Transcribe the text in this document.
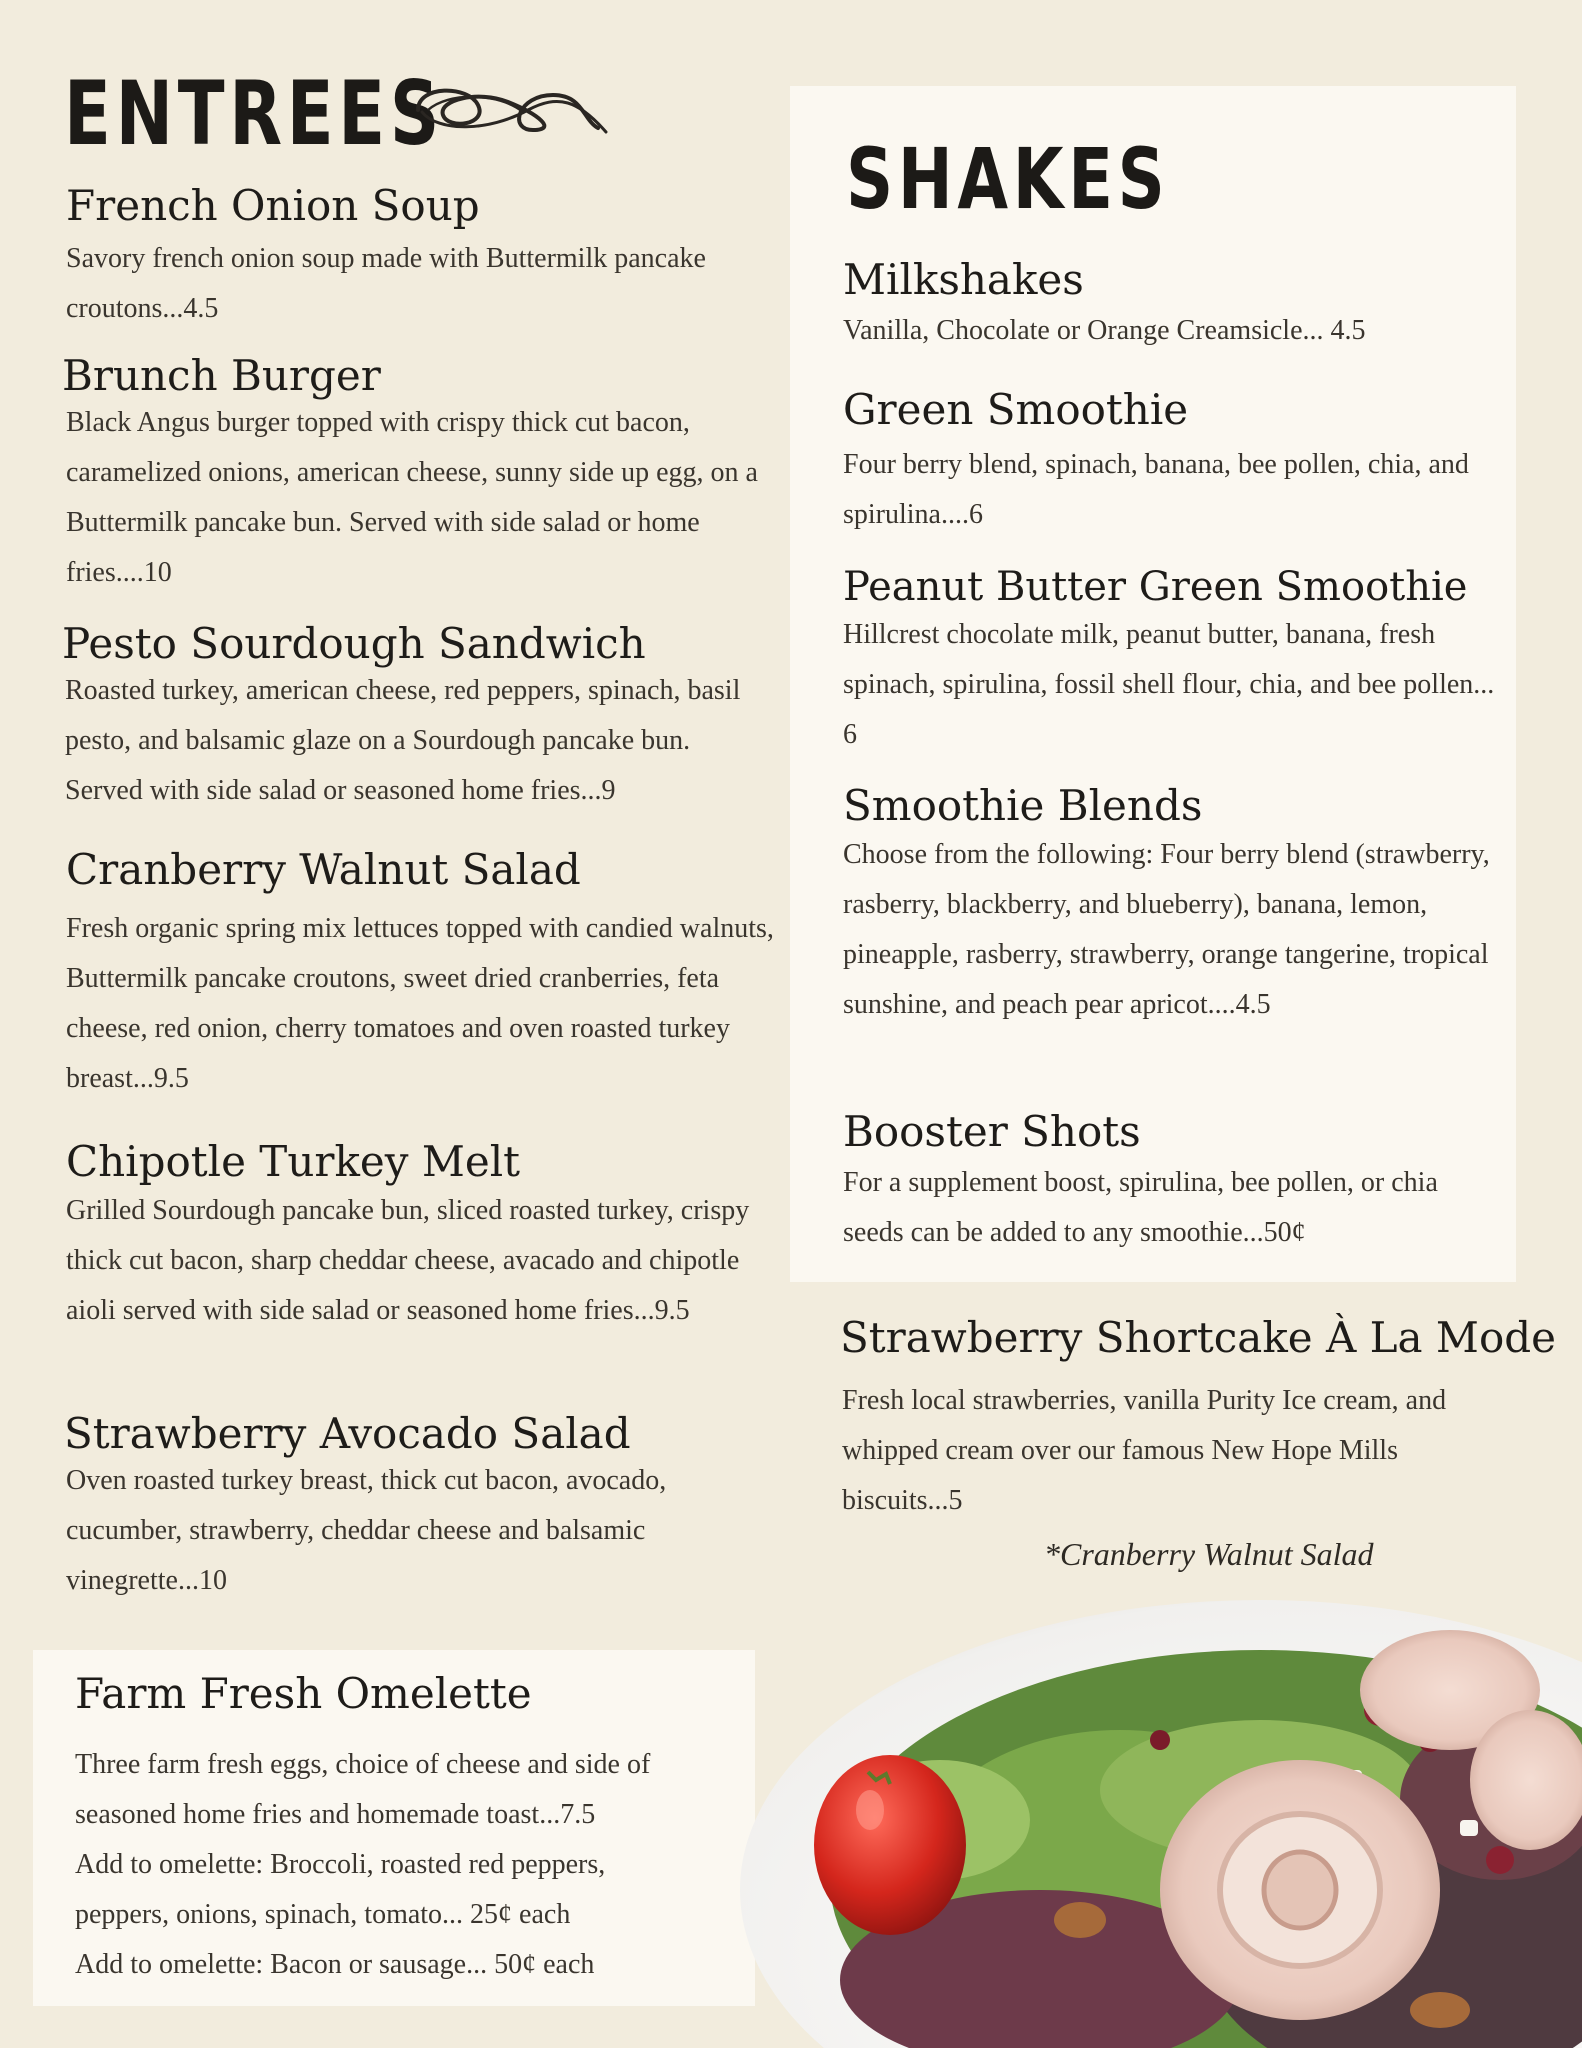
ENTREES
French Onion Soup
Savory french onion soup made with Buttermilk pancake croutons...4.5
Brunch Burger
Black Angus burger topped with crispy thick cut bacon, caramelized onions, american cheese, sunny side up egg, on a Buttermilk pancake bun. Served with side salad or home fries....10
Pesto Sourdough Sandwich
Roasted turkey, american cheese, red peppers, spinach, basil pesto, and balsamic glaze on a Sourdough pancake bun. Served with side salad or seasoned home fries...9
Cranberry Walnut Salad
Fresh organic spring mix lettuces topped with candied walnuts, Buttermilk pancake croutons, sweet dried cranberries, feta cheese, red onion, cherry tomatoes and oven roasted turkey breast...9.5
Chipotle Turkey Melt
Grilled Sourdough pancake bun, sliced roasted turkey, crispy thick cut bacon, sharp cheddar cheese, avacado and chipotle aioli served with side salad or seasoned home fries...9.5
Strawberry Avocado Salad
Oven roasted turkey breast, thick cut bacon, avocado, cucumber, strawberry, cheddar cheese and balsamic vinegrette...10
Farm Fresh Omelette
Three farm fresh eggs, choice of cheese and side of
seasoned home fries and homemade toast...7.5
Add to omelette: Broccoli, roasted red peppers,
peppers, onions, spinach, tomato... 25¢ each
Add to omelette: Bacon or sausage... 50¢ each
SHAKES
Milkshakes
Vanilla, Chocolate or Orange Creamsicle... 4.5
Green Smoothie
Four berry blend, spinach, banana, bee pollen, chia, and spirulina....6
Peanut Butter Green Smoothie
Hillcrest chocolate milk, peanut butter, banana, fresh spinach, spirulina, fossil shell flour, chia, and bee pollen... 6
Smoothie Blends
Choose from the following: Four berry blend (strawberry, rasberry, blackberry, and blueberry), banana, lemon, pineapple, rasberry, strawberry, orange tangerine, tropical sunshine, and peach pear apricot....4.5
Booster Shots
For a supplement boost, spirulina, bee pollen, or chia seeds can be added to any smoothie...50¢
Strawberry Shortcake À La Mode
Fresh local strawberries, vanilla Purity Ice cream, and whipped cream over our famous New Hope Mills biscuits...5
*Cranberry Walnut Salad
